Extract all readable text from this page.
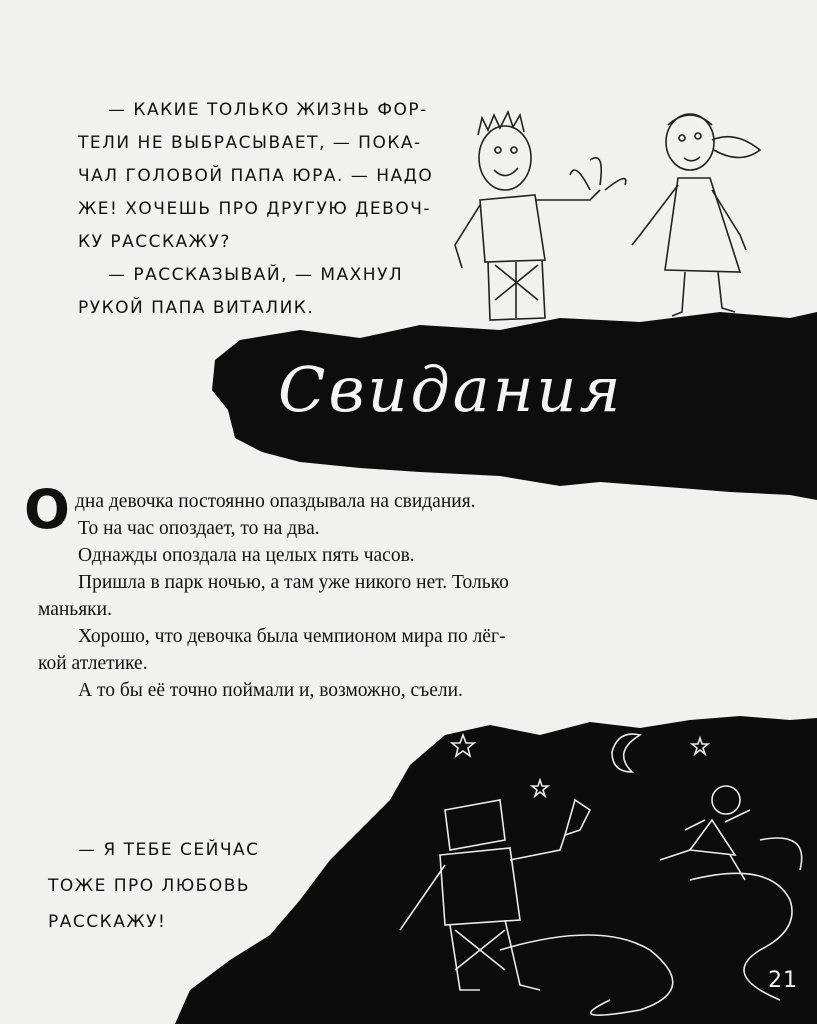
— КАКИЕ ТОЛЬКО ЖИЗНЬ ФОР-
ТЕЛИ НЕ ВЫБРАСЫВАЕТ, — ПОКА-
ЧАЛ ГОЛОВОЙ ПАПА ЮРА. — НАДО
ЖЕ! ХОЧЕШЬ ПРО ДРУГУЮ ДЕВОЧ-
КУ РАССКАЖУ?
— РАССКАЗЫВАЙ, — МАХНУЛ
РУКОЙ ПАПА ВИТАЛИК.
Свидания
О дна девочка постоянно опаздывала на свидания.
То на час опоздает, то на два.
Однажды опоздала на целых пять часов.
Пришла в парк ночью, а там уже никого нет. Только
маньяки.
Хорошо, что девочка была чемпионом мира по лёг-
кой атлетике.
А то бы её точно поймали и, возможно, съели.
— Я ТЕБЕ СЕЙЧАС
ТОЖЕ ПРО ЛЮБОВЬ
РАССКАЖУ!
21
